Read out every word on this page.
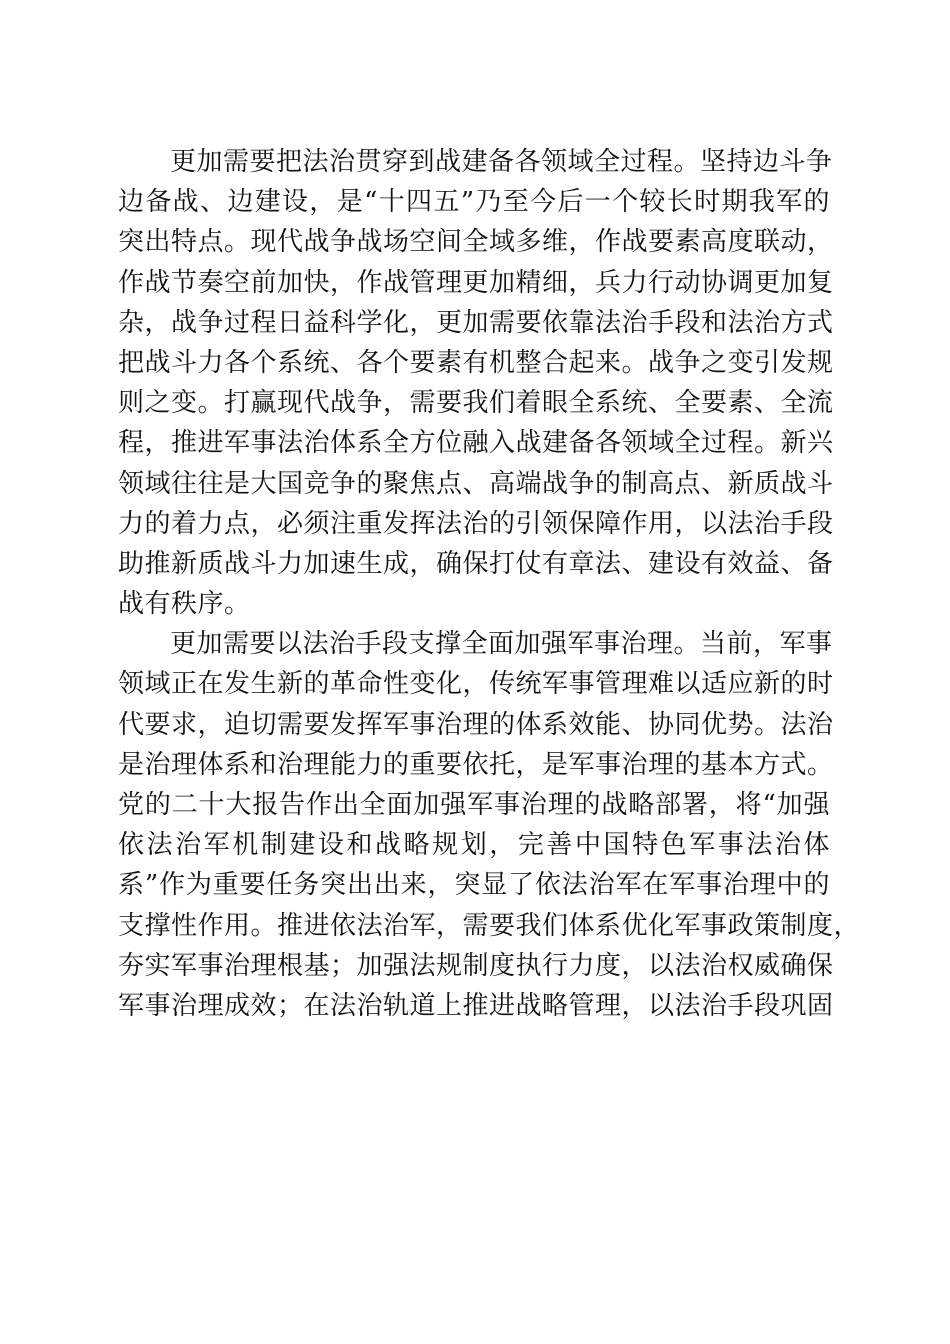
更加需要把法治贯穿到战建备各领域全过程。坚持边斗争
边备战、边建设，是“十四五”乃至今后一个较长时期我军的
突出特点。现代战争战场空间全域多维，作战要素高度联动，
作战节奏空前加快，作战管理更加精细，兵力行动协调更加复
杂，战争过程日益科学化，更加需要依靠法治手段和法治方式
把战斗力各个系统、各个要素有机整合起来。战争之变引发规
则之变。打赢现代战争，需要我们着眼全系统、全要素、全流
程，推进军事法治体系全方位融入战建备各领域全过程。新兴
领域往往是大国竞争的聚焦点、高端战争的制高点、新质战斗
力的着力点，必须注重发挥法治的引领保障作用，以法治手段
助推新质战斗力加速生成，确保打仗有章法、建设有效益、备
战有秩序。
更加需要以法治手段支撑全面加强军事治理。当前，军事
领域正在发生新的革命性变化，传统军事管理难以适应新的时
代要求，迫切需要发挥军事治理的体系效能、协同优势。法治
是治理体系和治理能力的重要依托，是军事治理的基本方式。
党的二十大报告作出全面加强军事治理的战略部署，将“加强
依法治军机制建设和战略规划，完善中国特色军事法治体
系”作为重要任务突出出来，突显了依法治军在军事治理中的
支撑性作用。推进依法治军，需要我们体系优化军事政策制度，
夯实军事治理根基；加强法规制度执行力度，以法治权威确保
军事治理成效；在法治轨道上推进战略管理，以法治手段巩固
